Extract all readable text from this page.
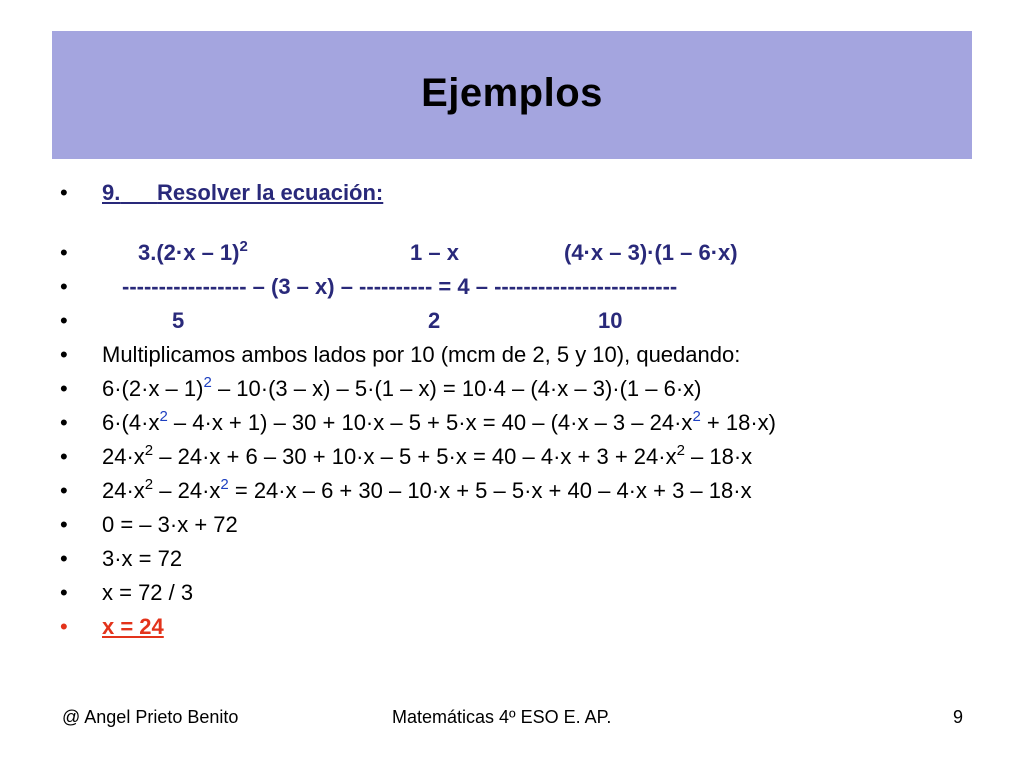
Ejemplos
• 9. Resolver la ecuación:
•	$3.(2\cdot x - 1)^2$	1 – x	(4·x – 3)·(1 – 6·x)
• ----------------- – (3 – x) – ---------- = 4 – -------------------------
•	5	2	10
• Multiplicamos ambos lados por 10 (mcm de 2, 5 y 10), quedando:
• $6\cdot(2\cdot x - 1)^2 - 10\cdot(3 - x) - 5\cdot(1 - x) = 10\cdot 4 - (4\cdot x - 3)\cdot(1 - 6\cdot x)$
• $6\cdot(4\cdot x^2 - 4\cdot x + 1) - 30 + 10\cdot x - 5 + 5\cdot x = 40 - (4\cdot x - 3 - 24\cdot x^2 + 18\cdot x)$
• $24\cdot x^2 - 24\cdot x + 6 - 30 + 10\cdot x - 5 + 5\cdot x = 40 - 4\cdot x + 3 + 24\cdot x^2 - 18\cdot x$
• $24\cdot x^2 - 24\cdot x^2 = 24\cdot x - 6 + 30 - 10\cdot x + 5 - 5\cdot x + 40 - 4\cdot x + 3 - 18\cdot x$
• 0 = – 3·x + 72
• 3·x = 72
• x = 72 / 3
• x = 24
@ Angel Prieto Benito	Matemáticas 4º ESO E. AP.	9
